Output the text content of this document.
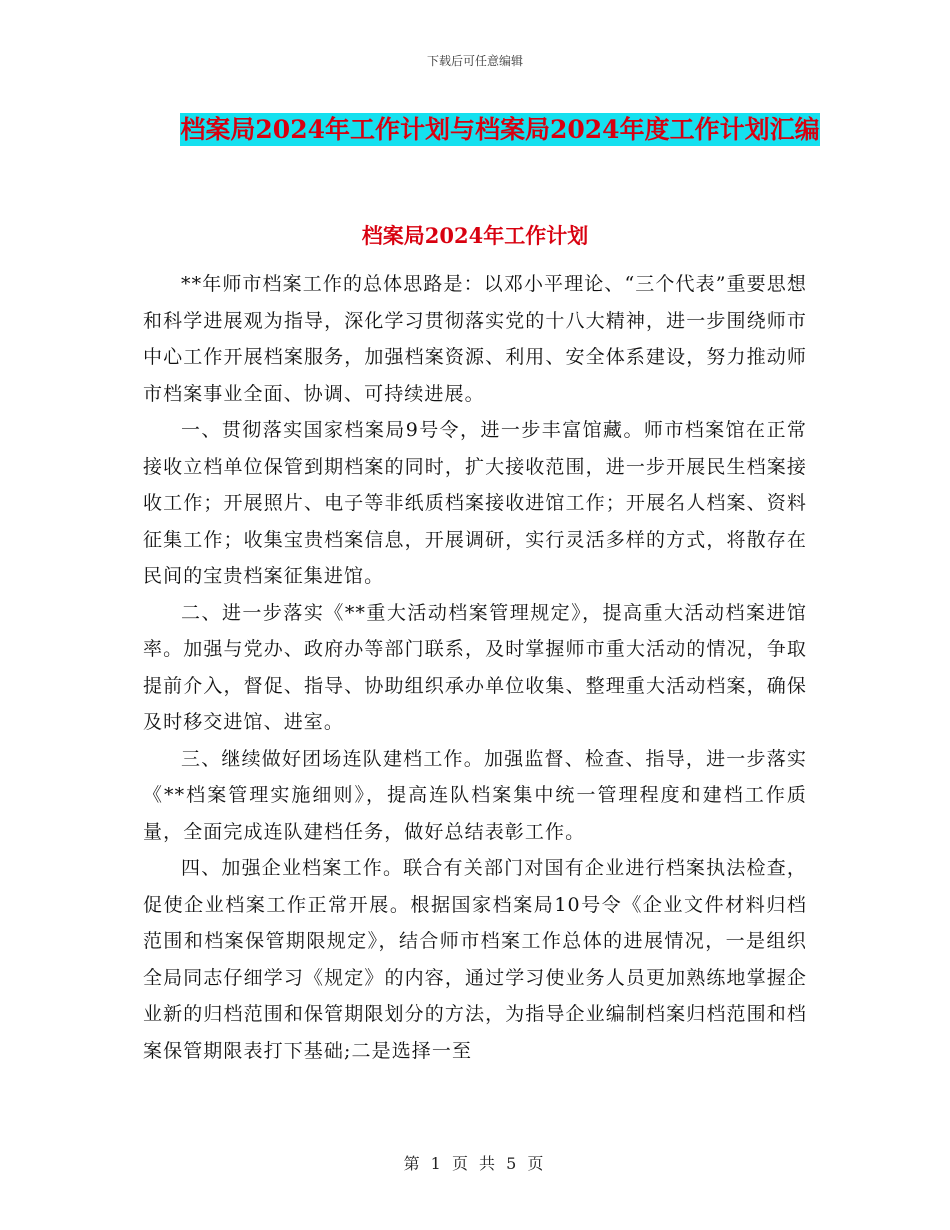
下载后可任意编辑
档案局2024年工作计划与档案局2024年度工作计划汇编
档案局2024年工作计划

**年师市档案工作的总体思路是：以邓小平理论、“三个代表”重要思想和科学进展观为指导，深化学习贯彻落实党的十八大精神，进一步围绕师市中心工作开展档案服务，加强档案资源、利用、安全体系建设，努力推动师市档案事业全面、协调、可持续进展。

一、贯彻落实国家档案局9号令，进一步丰富馆藏。师市档案馆在正常接收立档单位保管到期档案的同时，扩大接收范围，进一步开展民生档案接收工作；开展照片、电子等非纸质档案接收进馆工作；开展名人档案、资料征集工作；收集宝贵档案信息，开展调研，实行灵活多样的方式，将散存在民间的宝贵档案征集进馆。

二、进一步落实《**重大活动档案管理规定》，提高重大活动档案进馆率。加强与党办、政府办等部门联系，及时掌握师市重大活动的情况，争取提前介入，督促、指导、协助组织承办单位收集、整理重大活动档案，确保及时移交进馆、进室。

三、继续做好团场连队建档工作。加强监督、检查、指导，进一步落实《**档案管理实施细则》，提高连队档案集中统一管理程度和建档工作质量，全面完成连队建档任务，做好总结表彰工作。

四、加强企业档案工作。联合有关部门对国有企业进行档案执法检查，促使企业档案工作正常开展。根据国家档案局10号令《企业文件材料归档范围和档案保管期限规定》，结合师市档案工作总体的进展情况，一是组织全局同志仔细学习《规定》的内容，通过学习使业务人员更加熟练地掌握企业新的归档范围和保管期限划分的方法，为指导企业编制档案归档范围和档案保管期限表打下基础;二是选择一至

第 1 页 共 5 页
